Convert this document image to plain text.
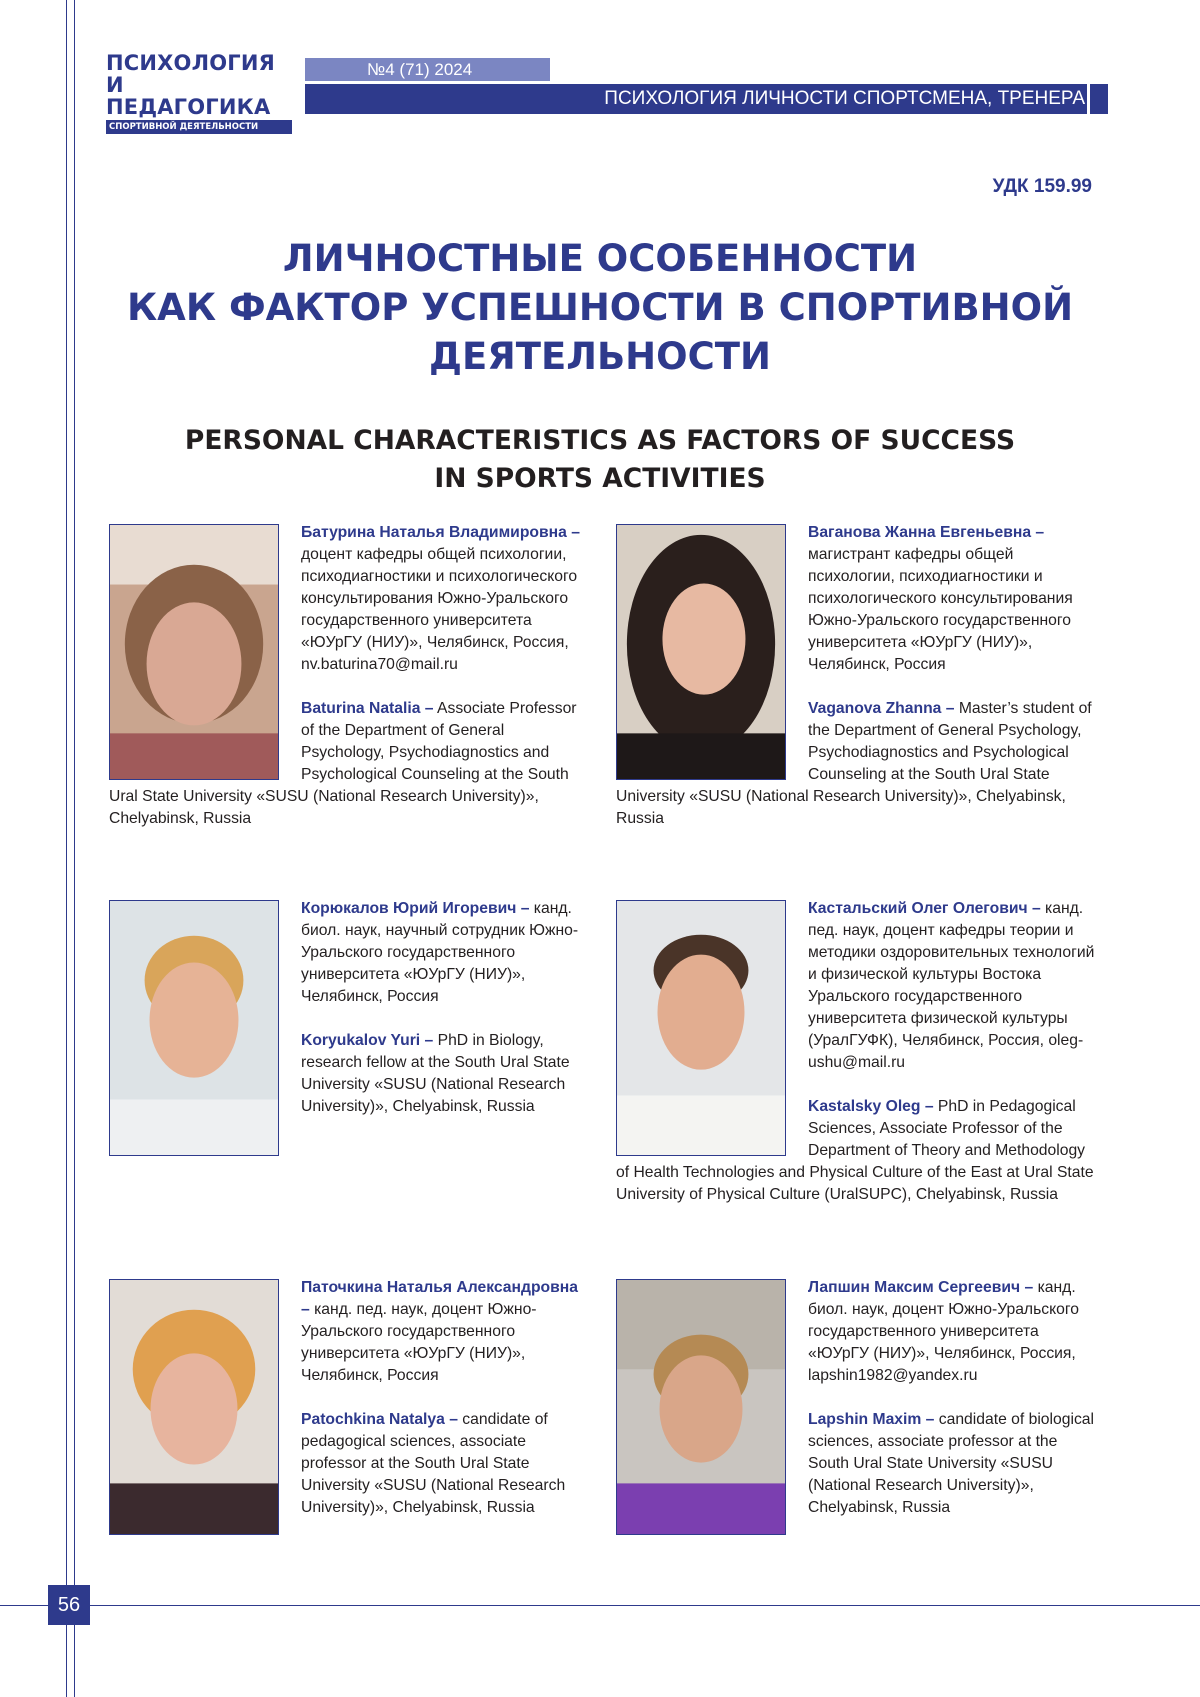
ПСИХОЛОГИЯ
И ПЕДАГОГИКА
СПОРТИВНОЙ ДЕЯТЕЛЬНОСТИ
№4 (71) 2024
ПСИХОЛОГИЯ ЛИЧНОСТИ СПОРТСМЕНА, ТРЕНЕРА
УДК 159.99
ЛИЧНОСТНЫЕ ОСОБЕННОСТИ
КАК ФАКТОР УСПЕШНОСТИ В СПОРТИВНОЙ
ДЕЯТЕЛЬНОСТИ
PERSONAL CHARACTERISTICS AS FACTORS OF SUCCESS
IN SPORTS ACTIVITIES

Батурина Наталья Владимировна – доцент кафедры общей психологии, психодиагностики и психологического консультирования Южно-Уральского государственного университета «ЮУрГУ (НИУ)», Челябинск, Россия, nv.baturina70@mail.ru

Baturina Natalia – Associate Professor of the Department of General Psychology, Psychodiagnostics and Psychological Counseling at the South Ural State University «SUSU (National Research University)», Chelyabinsk, Russia

Ваганова Жанна Евгеньевна – магистрант кафедры общей психологии, психодиагностики и психологического консультирования Южно-Уральского государственного университета «ЮУрГУ (НИУ)», Челябинск, Россия

Vaganova Zhanna – Master’s student of the Department of General Psychology, Psychodiagnostics and Psychological Counseling at the South Ural State University «SUSU (National Research University)», Chelyabinsk, Russia

Корюкалов Юрий Игоревич – канд. биол. наук, научный сотрудник Южно-Уральского государственного университета «ЮУрГУ (НИУ)», Челябинск, Россия

Koryukalov Yuri – PhD in Biology, research fellow at the South Ural State University «SUSU (National Research University)», Chelyabinsk, Russia

Кастальский Олег Олегович – канд. пед. наук, доцент кафедры теории и методики оздоровительных технологий и физической культуры Востока Уральского государственного университета физической культуры (УралГУФК), Челябинск, Россия, oleg-ushu@mail.ru

Kastalsky Oleg – PhD in Pedagogical Sciences, Associate Professor of the Department of Theory and Methodology of Health Technologies and Physical Culture of the East at Ural State University of Physical Culture (UralSUPC), Chelyabinsk, Russia

Паточкина Наталья Александровна – канд. пед. наук, доцент Южно-Уральского государственного университета «ЮУрГУ (НИУ)», Челябинск, Россия

Patochkina Natalya – candidate of pedagogical sciences, associate professor at the South Ural State University «SUSU (National Research University)», Chelyabinsk, Russia

Лапшин Максим Сергеевич – канд. биол. наук, доцент Южно-Уральского государственного университета «ЮУрГУ (НИУ)», Челябинск, Россия, lapshin1982@yandex.ru

Lapshin Maxim – candidate of biological sciences, associate professor at the South Ural State University «SUSU (National Research University)», Chelyabinsk, Russia

56
